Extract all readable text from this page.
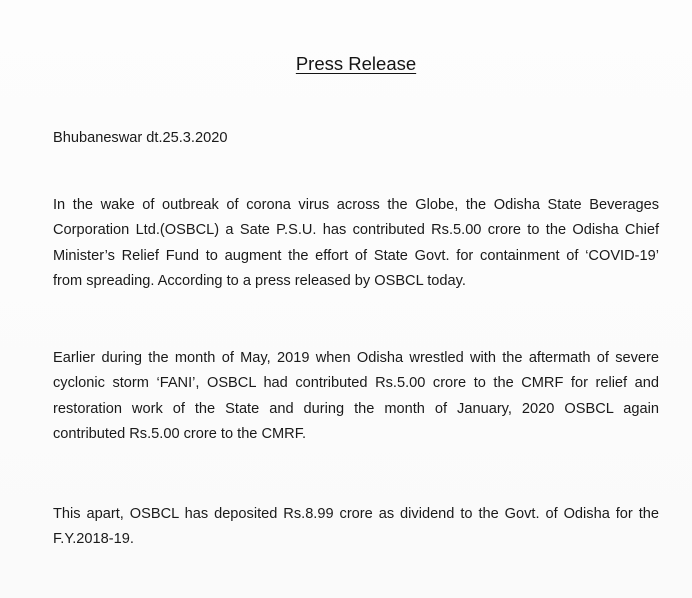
Press Release
Bhubaneswar dt.25.3.2020
In the wake of outbreak of corona virus across the Globe, the Odisha State Beverages
Corporation Ltd.(OSBCL) a Sate P.S.U. has contributed Rs.5.00 crore to the Odisha Chief
Minister’s Relief Fund to augment the effort of State Govt. for containment of ‘COVID-19’
from spreading. According to a press released by OSBCL today.
Earlier during the month of May, 2019 when Odisha wrestled with the aftermath of severe
cyclonic storm ‘FANI’, OSBCL had contributed Rs.5.00 crore to the CMRF for relief and
restoration work of the State and during the month of January, 2020 OSBCL again
contributed Rs.5.00 crore to the CMRF.
This apart, OSBCL has deposited Rs.8.99 crore as dividend to the Govt. of Odisha for the
F.Y.2018-19.
